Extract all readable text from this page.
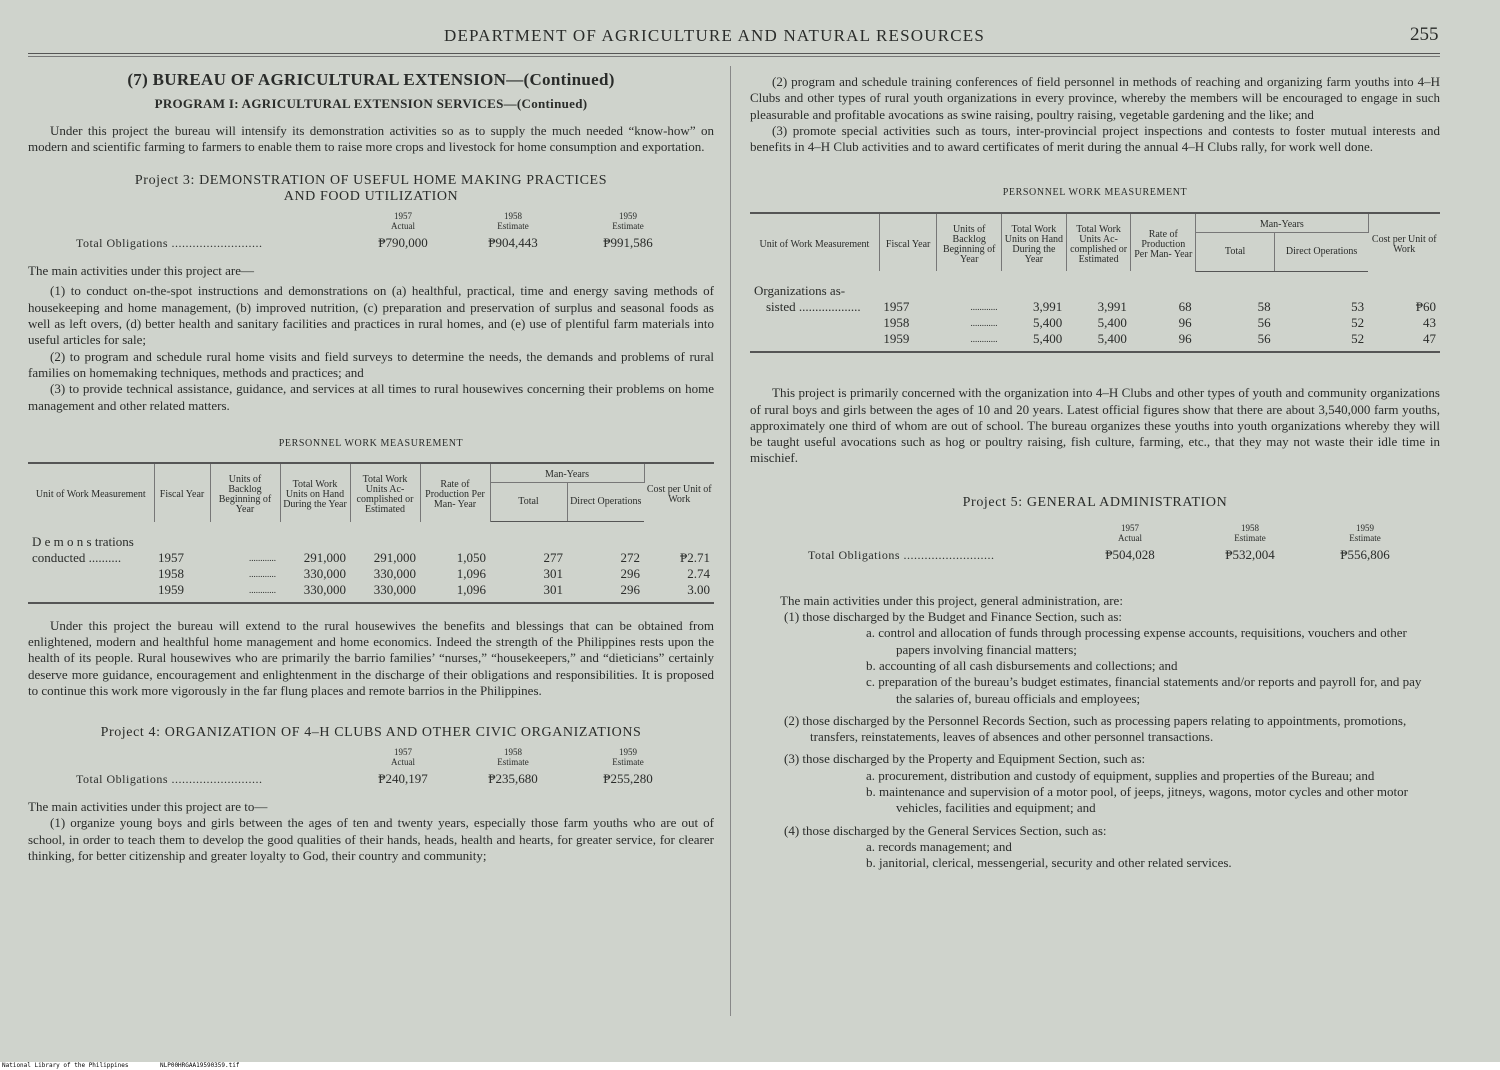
DEPARTMENT OF AGRICULTURE AND NATURAL RESOURCES	255
(7) BUREAU OF AGRICULTURAL EXTENSION—(Continued)
PROGRAM I: AGRICULTURAL EXTENSION SERVICES—(Continued)

Under this project the bureau will intensify its demonstration activities so as to supply the much needed “know-how” on modern and scientific farming to farmers to enable them to raise more crops and livestock for home consumption and exportation.

Project 3: DEMONSTRATION OF USEFUL HOME MAKING PRACTICES
AND FOOD UTILIZATION
1957
Actual
1958
Estimate
1959
Estimate
Total Obligations ..........................	₱790,000	₱904,443	₱991,586

The main activities under this project are—

(1) to conduct on-the-spot instructions and demonstrations on (a) healthful, practical, time and energy saving methods of housekeeping and home management, (b) improved nutrition, (c) preparation and preservation of surplus and seasonal foods as well as left overs, (d) better health and sanitary facilities and practices in rural homes, and (e) use of plentiful farm materials into useful articles for sale;

(2) to program and schedule rural home visits and field surveys to determine the needs, the demands and problems of rural families on homemaking techniques, methods and practices; and

(3) to provide technical assistance, guidance, and services at all times to rural housewives concerning their problems on home management and other related matters.

PERSONNEL WORK MEASUREMENT
Unit of Work Measurement	Fiscal Year	Units of Backlog Beginning of Year	Total Work Units on Hand During the Year	Total Work Units Ac- complished or Estimated	Rate of Production Per Man- Year	Man-Years		Cost per Unit of Work
						Total	Direct Operations	

D e m o n s trations
conducted ..........	1957	............	291,000	291,000	1,050	277	272	₱2.71
	1958	............	330,000	330,000	1,096	301	296	2.74
	1959	............	330,000	330,000	1,096	301	296	3.00

Under this project the bureau will extend to the rural housewives the benefits and blessings that can be obtained from enlightened, modern and healthful home management and home economics. Indeed the strength of the Philippines rests upon the health of its people. Rural housewives who are primarily the barrio families’ “nurses,” “housekeepers,” and “dieticians” certainly deserve more guidance, encouragement and enlightenment in the discharge of their obligations and responsibilities. It is proposed to continue this work more vigorously in the far flung places and remote barrios in the Philippines.

Project 4: ORGANIZATION OF 4–H CLUBS AND OTHER CIVIC ORGANIZATIONS
1957
Actual
1958
Estimate
1959
Estimate
Total Obligations ..........................	₱240,197	₱235,680	₱255,280

The main activities under this project are to—

(1) organize young boys and girls between the ages of ten and twenty years, especially those farm youths who are out of school, in order to teach them to develop the good qualities of their hands, heads, health and hearts, for greater service, for clearer thinking, for better citizenship and greater loyalty to God, their country and community;

(2) program and schedule training conferences of field personnel in methods of reaching and organizing farm youths into 4–H Clubs and other types of rural youth organizations in every province, whereby the members will be encouraged to engage in such pleasurable and profitable avocations as swine raising, poultry raising, vegetable gardening and the like; and

(3) promote special activities such as tours, inter-provincial project inspections and contests to foster mutual interests and benefits in 4–H Club activities and to award certificates of merit during the annual 4–H Clubs rally, for work well done.

PERSONNEL WORK MEASUREMENT
Unit of Work Measurement	Fiscal Year	Units of Backlog Beginning of Year	Total Work Units on Hand During the Year	Total Work Units Ac- complished or Estimated	Rate of Production Per Man- Year	Man-Years		Cost per Unit of Work
						Total	Direct Operations	

Organizations as-
sisted ...................	1957	............	3,991	3,991	68	58	53	₱60
	1958	............	5,400	5,400	96	56	52	43
	1959	............	5,400	5,400	96	56	52	47

This project is primarily concerned with the organization into 4–H Clubs and other types of youth and community organizations of rural boys and girls between the ages of 10 and 20 years. Latest official figures show that there are about 3,540,000 farm youths, approximately one third of whom are out of school. The bureau organizes these youths into youth organizations whereby they will be taught useful avocations such as hog or poultry raising, fish culture, farming, etc., that they may not waste their idle time in mischief.

Project 5: GENERAL ADMINISTRATION
1957
Actual
1958
Estimate
1959
Estimate
Total Obligations ..........................	₱504,028	₱532,004	₱556,806

The main activities under this project, general administration, are:

(1) those discharged by the Budget and Finance Section, such as:
a. control and allocation of funds through processing expense accounts, requisitions, vouchers and other papers involving financial matters;
b. accounting of all cash disbursements and collections; and
c. preparation of the bureau’s budget estimates, financial statements and/or reports and payroll for, and pay the salaries of, bureau officials and employees;
(2) those discharged by the Personnel Records Section, such as processing papers relating to appointments, promotions, transfers, reinstatements, leaves of absences and other personnel transactions.
(3) those discharged by the Property and Equipment Section, such as:
a. procurement, distribution and custody of equipment, supplies and properties of the Bureau; and
b. maintenance and supervision of a motor pool, of jeeps, jitneys, wagons, motor cycles and other motor vehicles, facilities and equipment; and
(4) those discharged by the General Services Section, such as:
a. records management; and
b. janitorial, clerical, messengerial, security and other related services.
National Library of the Philippines	NLP00HRGAA19590359.tif
